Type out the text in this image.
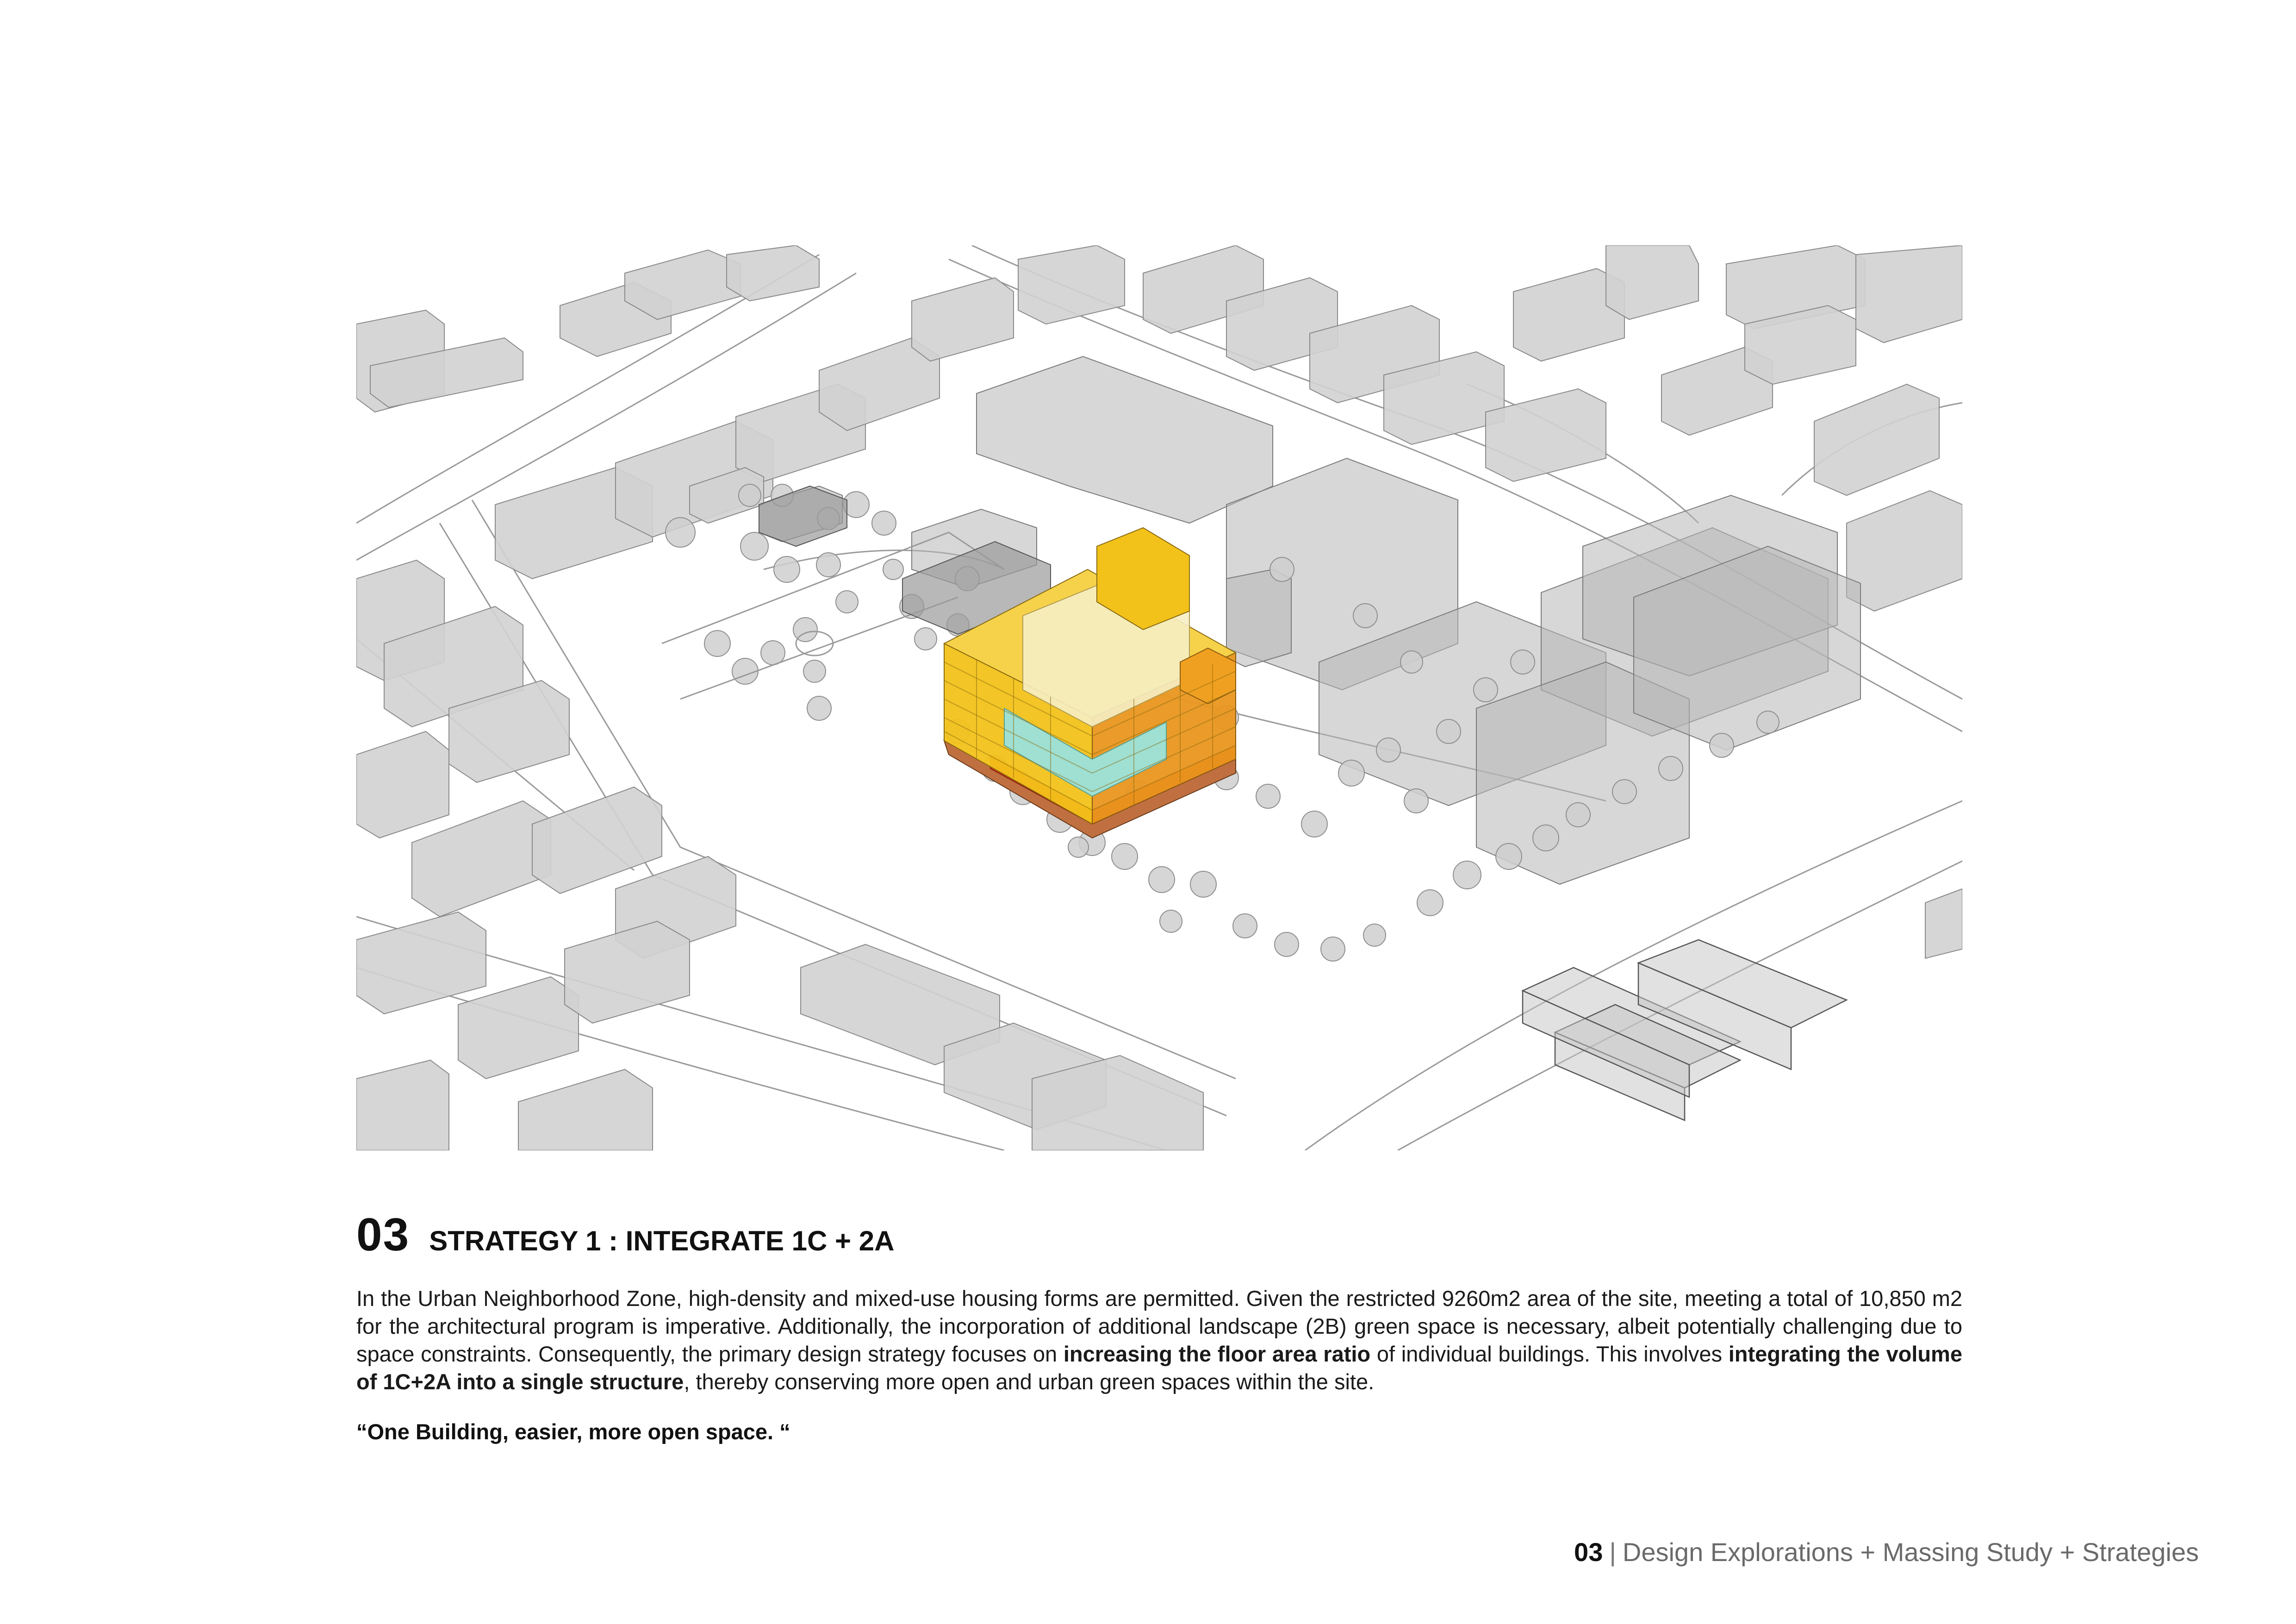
03 STRATEGY 1 : INTEGRATE 1C + 2A
In the Urban Neighborhood Zone, high-density and mixed-use housing forms are permitted. Given the restricted 9260m2 area of the site, meeting a total of 10,850 m2 for the architectural program is imperative. Additionally, the incorporation of additional landscape (2B) green space is necessary, albeit potentially challenging due to space constraints. Consequently, the primary design strategy focuses on increasing the floor area ratio of individual buildings. This involves integrating the volume of 1C+2A into a single structure, thereby conserving more open and urban green spaces within the site.
“One Building, easier, more open space. “
03 | Design Explorations + Massing Study + Strategies
